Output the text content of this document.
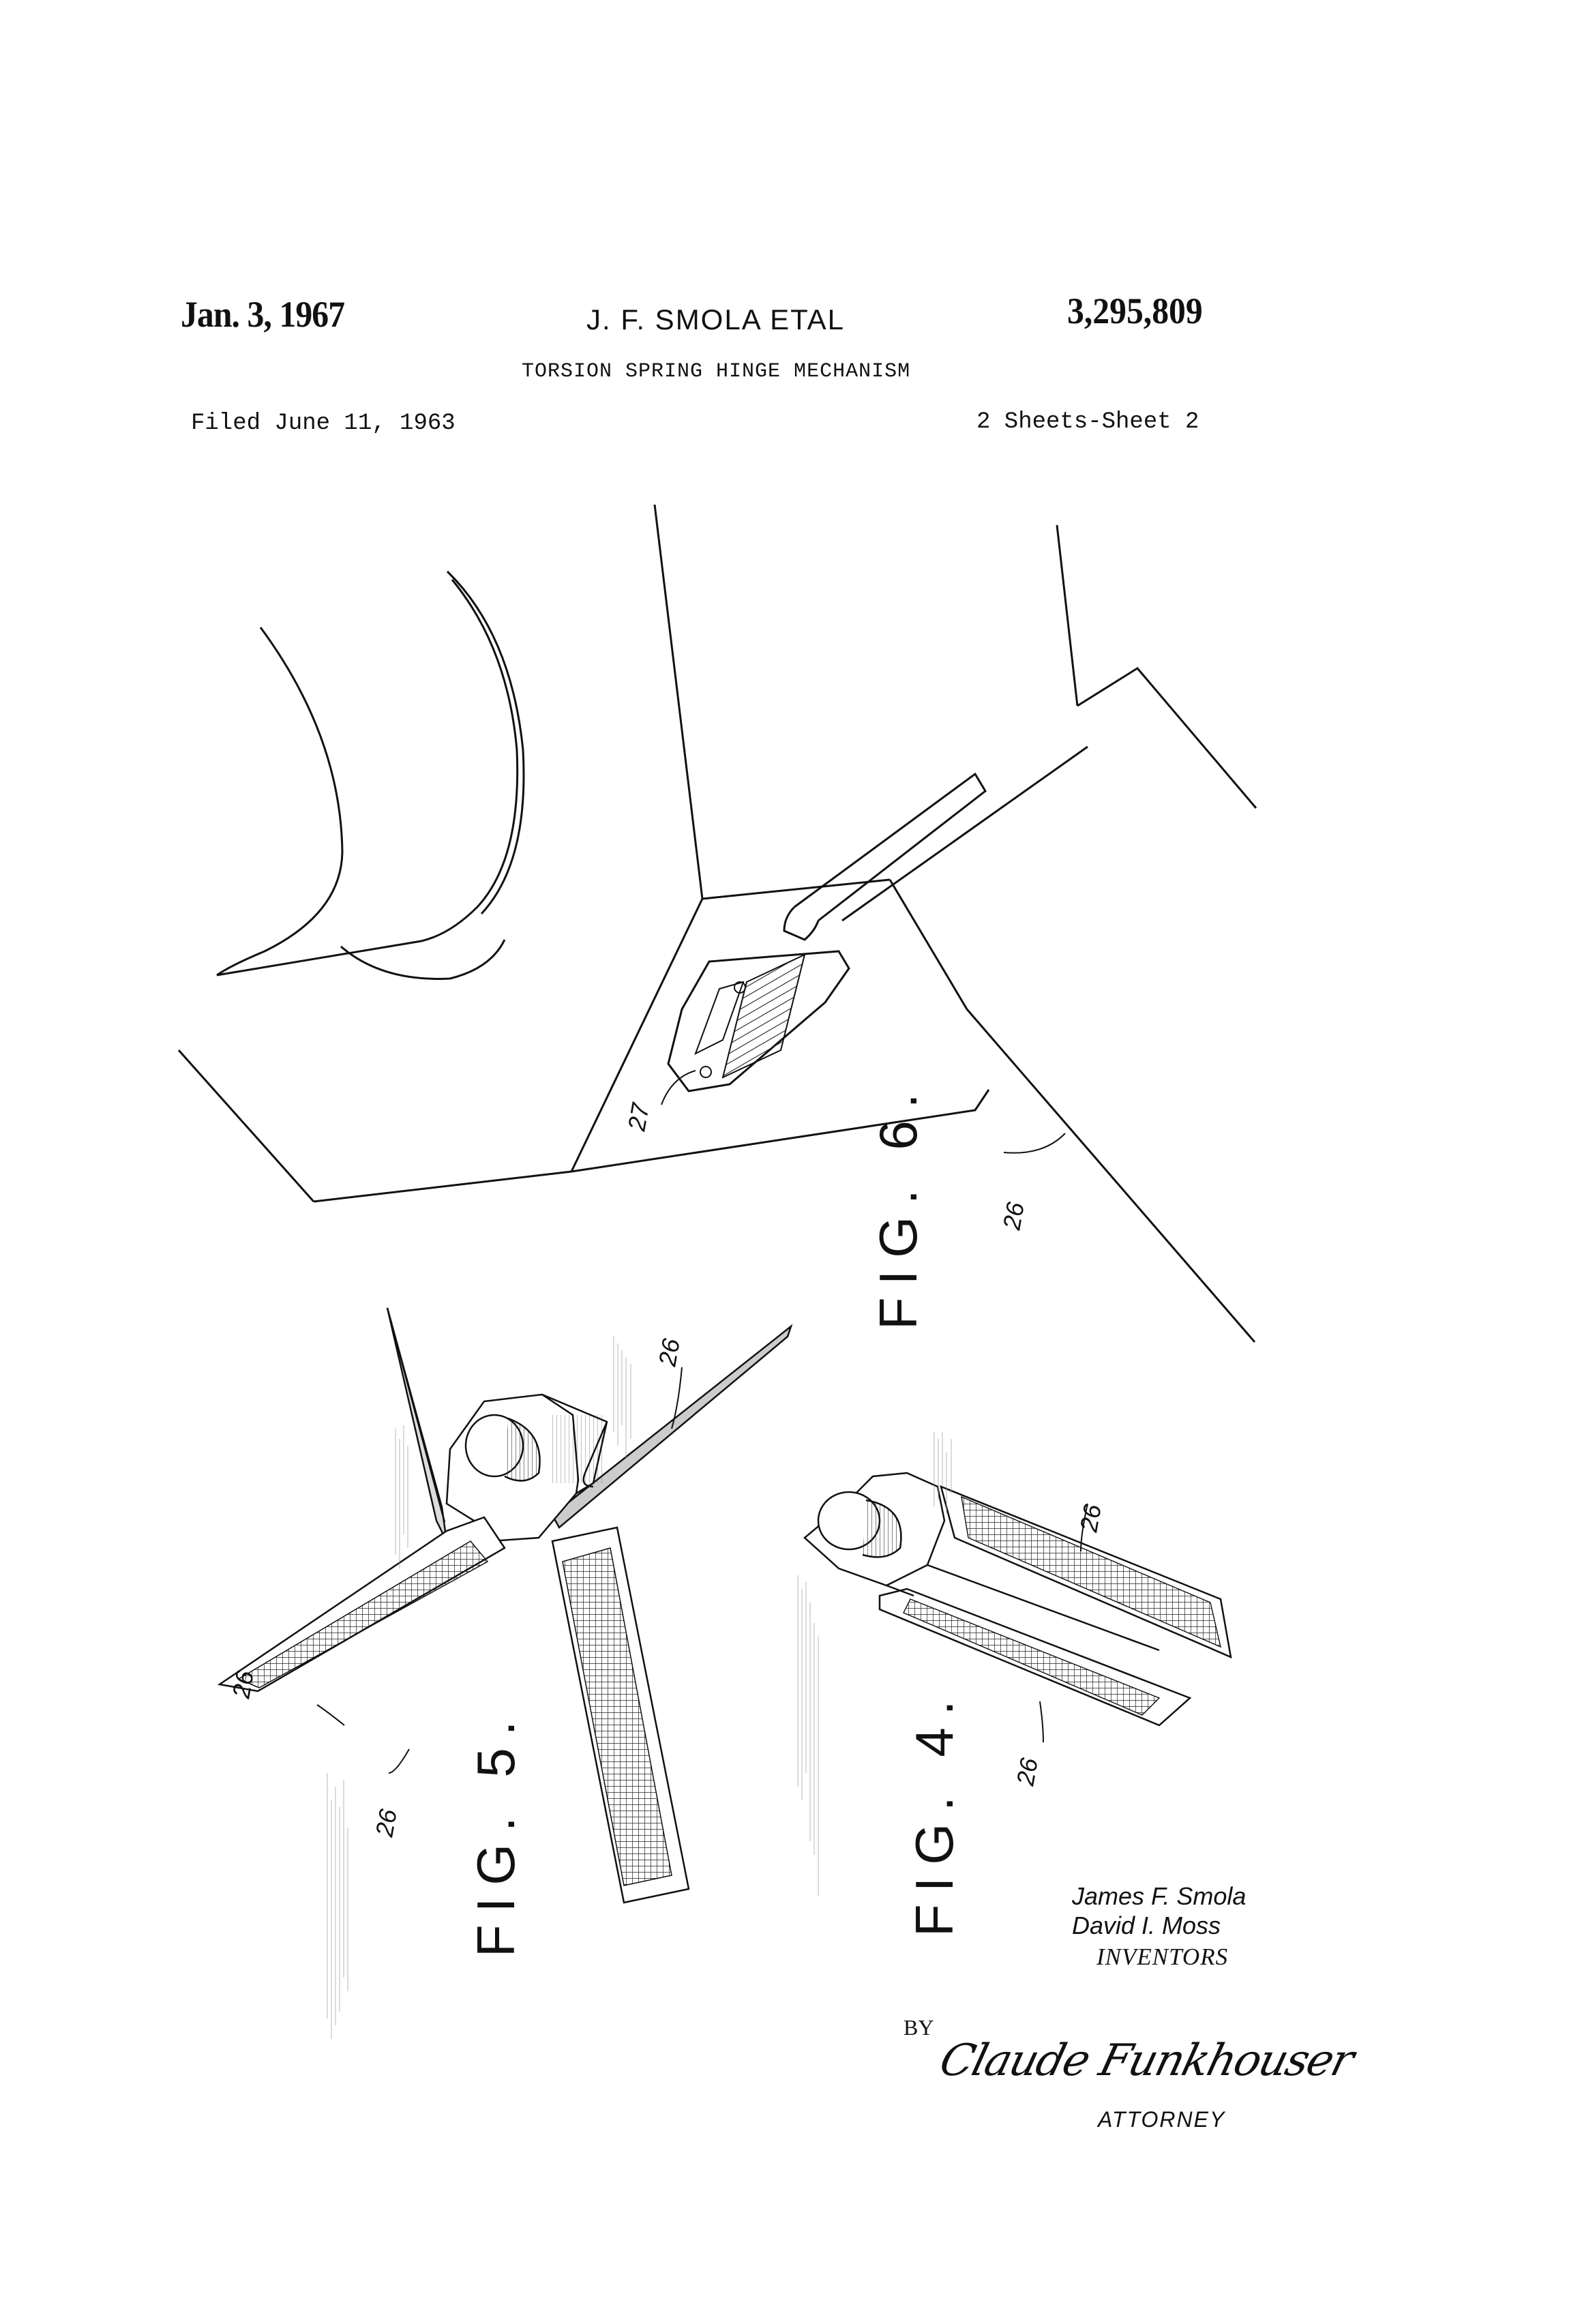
Jan. 3, 1967	J. F. SMOLA ETAL	3,295,809
TORSION SPRING HINGE MECHANISM
Filed June 11, 1963	2 Sheets-Sheet 2
27
26
26
26
26
26
26
FIG. 6.
FIG. 5.	FIG. 4.	James F. Smola
David I. Moss
INVENTORS
BY
Claude Funkhouser
ATTORNEY
